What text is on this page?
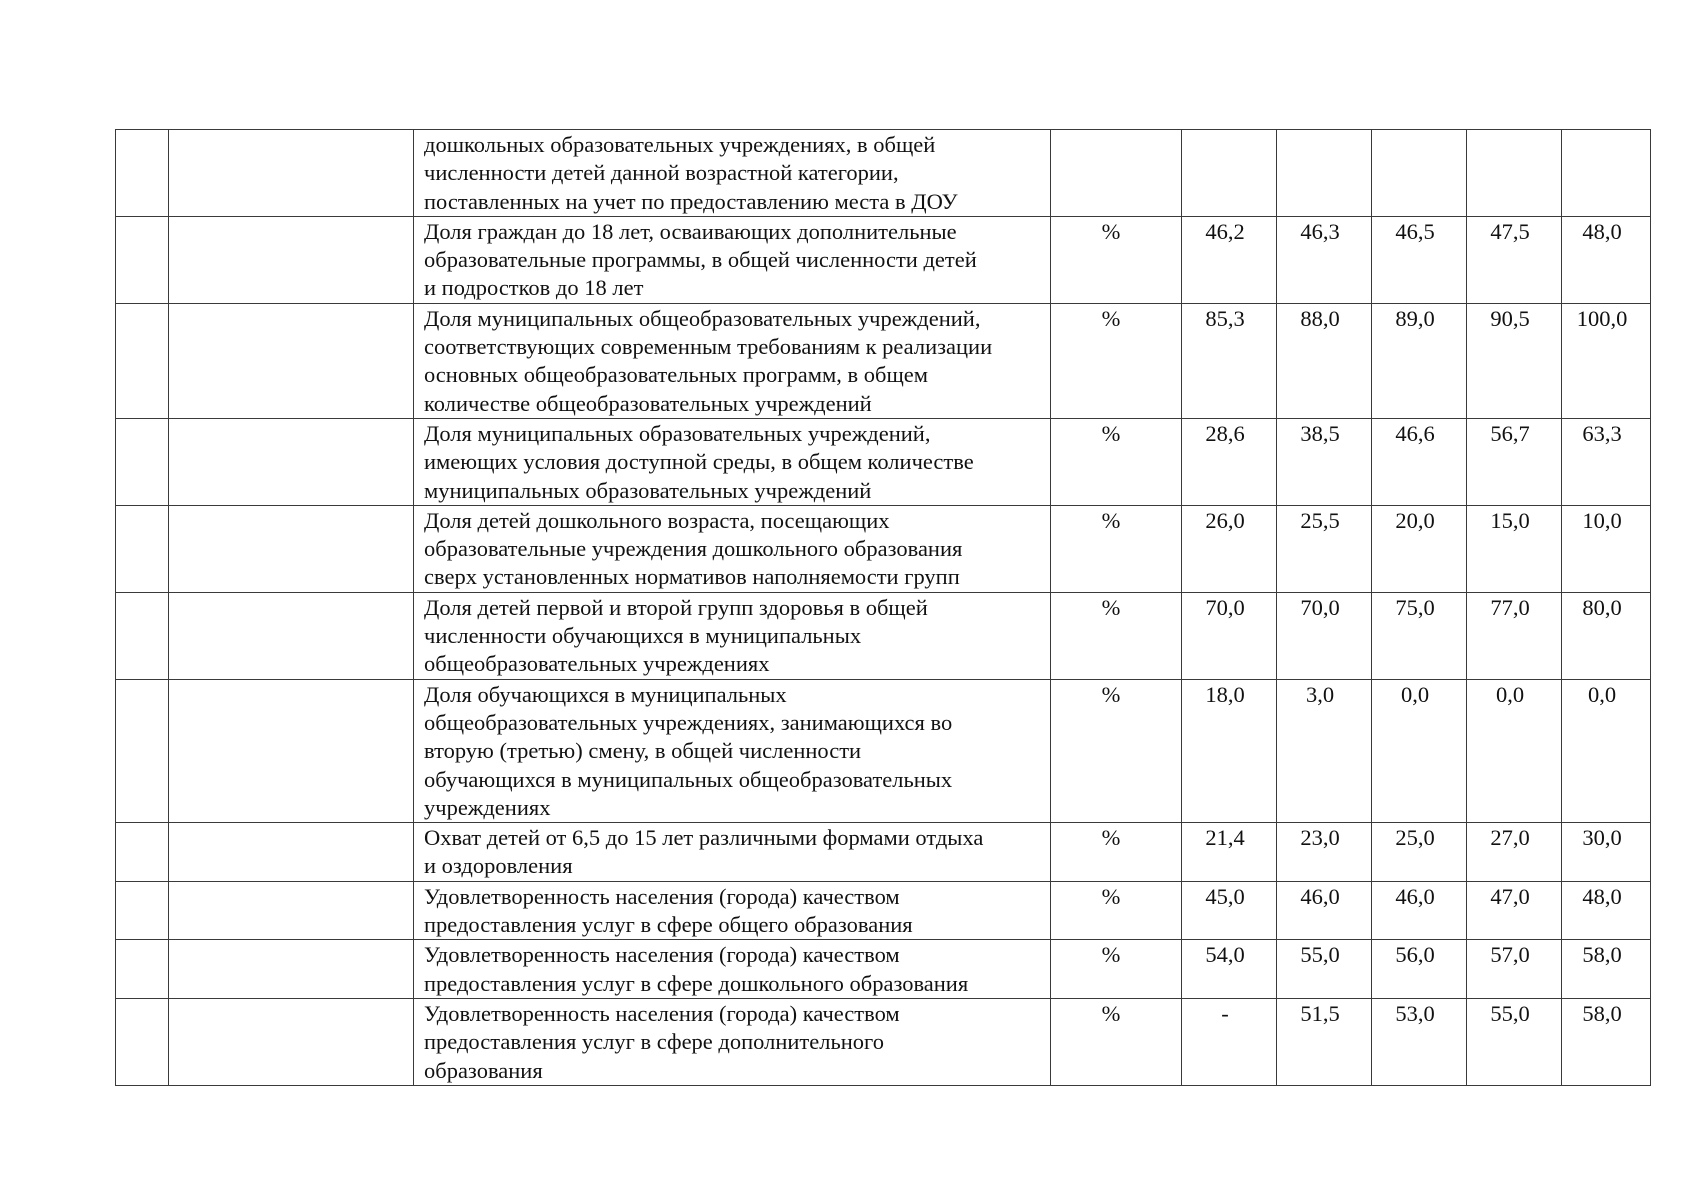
		дошкольных образовательных учреждениях, в общей
численности детей данной возрастной категории,
поставленных на учет по предоставлению места в ДОУ						
		Доля граждан до 18 лет, осваивающих дополнительные
образовательные программы, в общей численности детей
и подростков до 18 лет	%	46,2	46,3	46,5	47,5	48,0
		Доля муниципальных общеобразовательных учреждений,
соответствующих современным требованиям к реализации
основных общеобразовательных программ, в общем
количестве общеобразовательных учреждений	%	85,3	88,0	89,0	90,5	100,0
		Доля муниципальных образовательных учреждений,
имеющих условия доступной среды, в общем количестве
муниципальных образовательных учреждений	%	28,6	38,5	46,6	56,7	63,3
		Доля детей дошкольного возраста, посещающих
образовательные учреждения дошкольного образования
сверх установленных нормативов наполняемости групп	%	26,0	25,5	20,0	15,0	10,0
		Доля детей первой и второй групп здоровья в общей
численности обучающихся в муниципальных
общеобразовательных учреждениях	%	70,0	70,0	75,0	77,0	80,0
		Доля обучающихся в муниципальных
общеобразовательных учреждениях, занимающихся во
вторую (третью) смену, в общей численности
обучающихся в муниципальных общеобразовательных
учреждениях	%	18,0	3,0	0,0	0,0	0,0
		Охват детей от 6,5 до 15 лет различными формами отдыха
и оздоровления	%	21,4	23,0	25,0	27,0	30,0
		Удовлетворенность населения (города) качеством
предоставления услуг в сфере общего образования	%	45,0	46,0	46,0	47,0	48,0
		Удовлетворенность населения (города) качеством
предоставления услуг в сфере дошкольного образования	%	54,0	55,0	56,0	57,0	58,0
		Удовлетворенность населения (города) качеством
предоставления услуг в сфере дополнительного
образования	%	-	51,5	53,0	55,0	58,0
